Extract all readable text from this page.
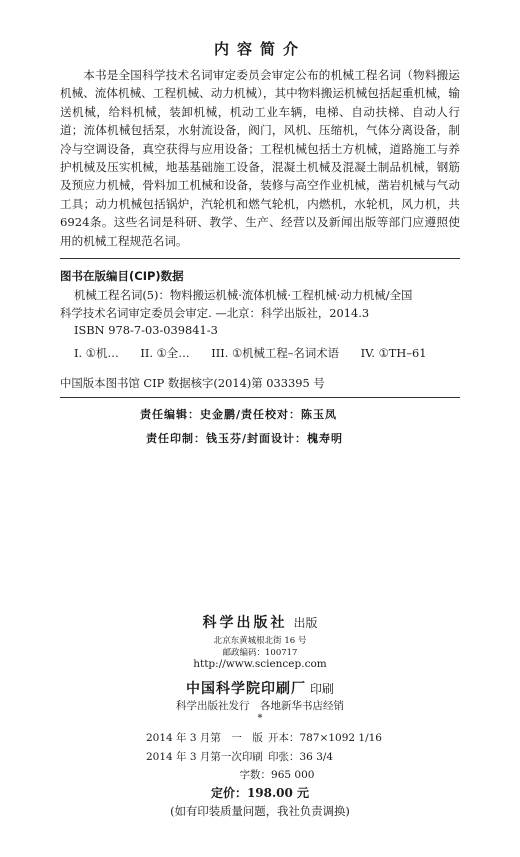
内容简介
本书是全国科学技术名词审定委员会审定公布的机械工程名词（物料搬运机械、流体机械、工程机械、动力机械），其中物料搬运机械包括起重机械，输送机械，给料机械，装卸机械，机动工业车辆，电梯、自动扶梯、自动人行道；流体机械包括泵，水射流设备，阀门，风机、压缩机，气体分离设备，制冷与空调设备，真空获得与应用设备；工程机械包括土方机械，道路施工与养护机械及压实机械，地基基础施工设备，混凝土机械及混凝土制品机械，钢筋及预应力机械，骨料加工机械和设备，装修与高空作业机械，凿岩机械与气动工具；动力机械包括锅炉，汽轮机和燃气轮机，内燃机，水轮机，风力机，共6924条。这些名词是科研、教学、生产、经营以及新闻出版等部门应遵照使用的机械工程规范名词。
图书在版编目(CIP)数据
机械工程名词(5)：物料搬运机械·流体机械·工程机械·动力机械/全国
科学技术名词审定委员会审定. —北京：科学出版社，2014.3
ISBN 978-7-03-039841-3
I. ①机… II. ①全… III. ①机械工程–名词术语 IV. ①TH–61
中国版本图书馆 CIP 数据核字(2014)第 033395 号
责任编辑：史金鹏/责任校对：陈玉凤
责任印制：钱玉芬/封面设计：槐寿明
科学出版社 出版
北京东黄城根北街 16 号
邮政编码：100717
http://www.sciencep.com
中国科学院印刷厂 印刷
科学出版社发行　各地新华书店经销
*
2014 年 3 月第　一　版 开本：787×1092 1/16
2014 年 3 月第一次印刷 印张：36 3/4
字数：965 000
定价：198.00 元
(如有印装质量问题，我社负责调换)
